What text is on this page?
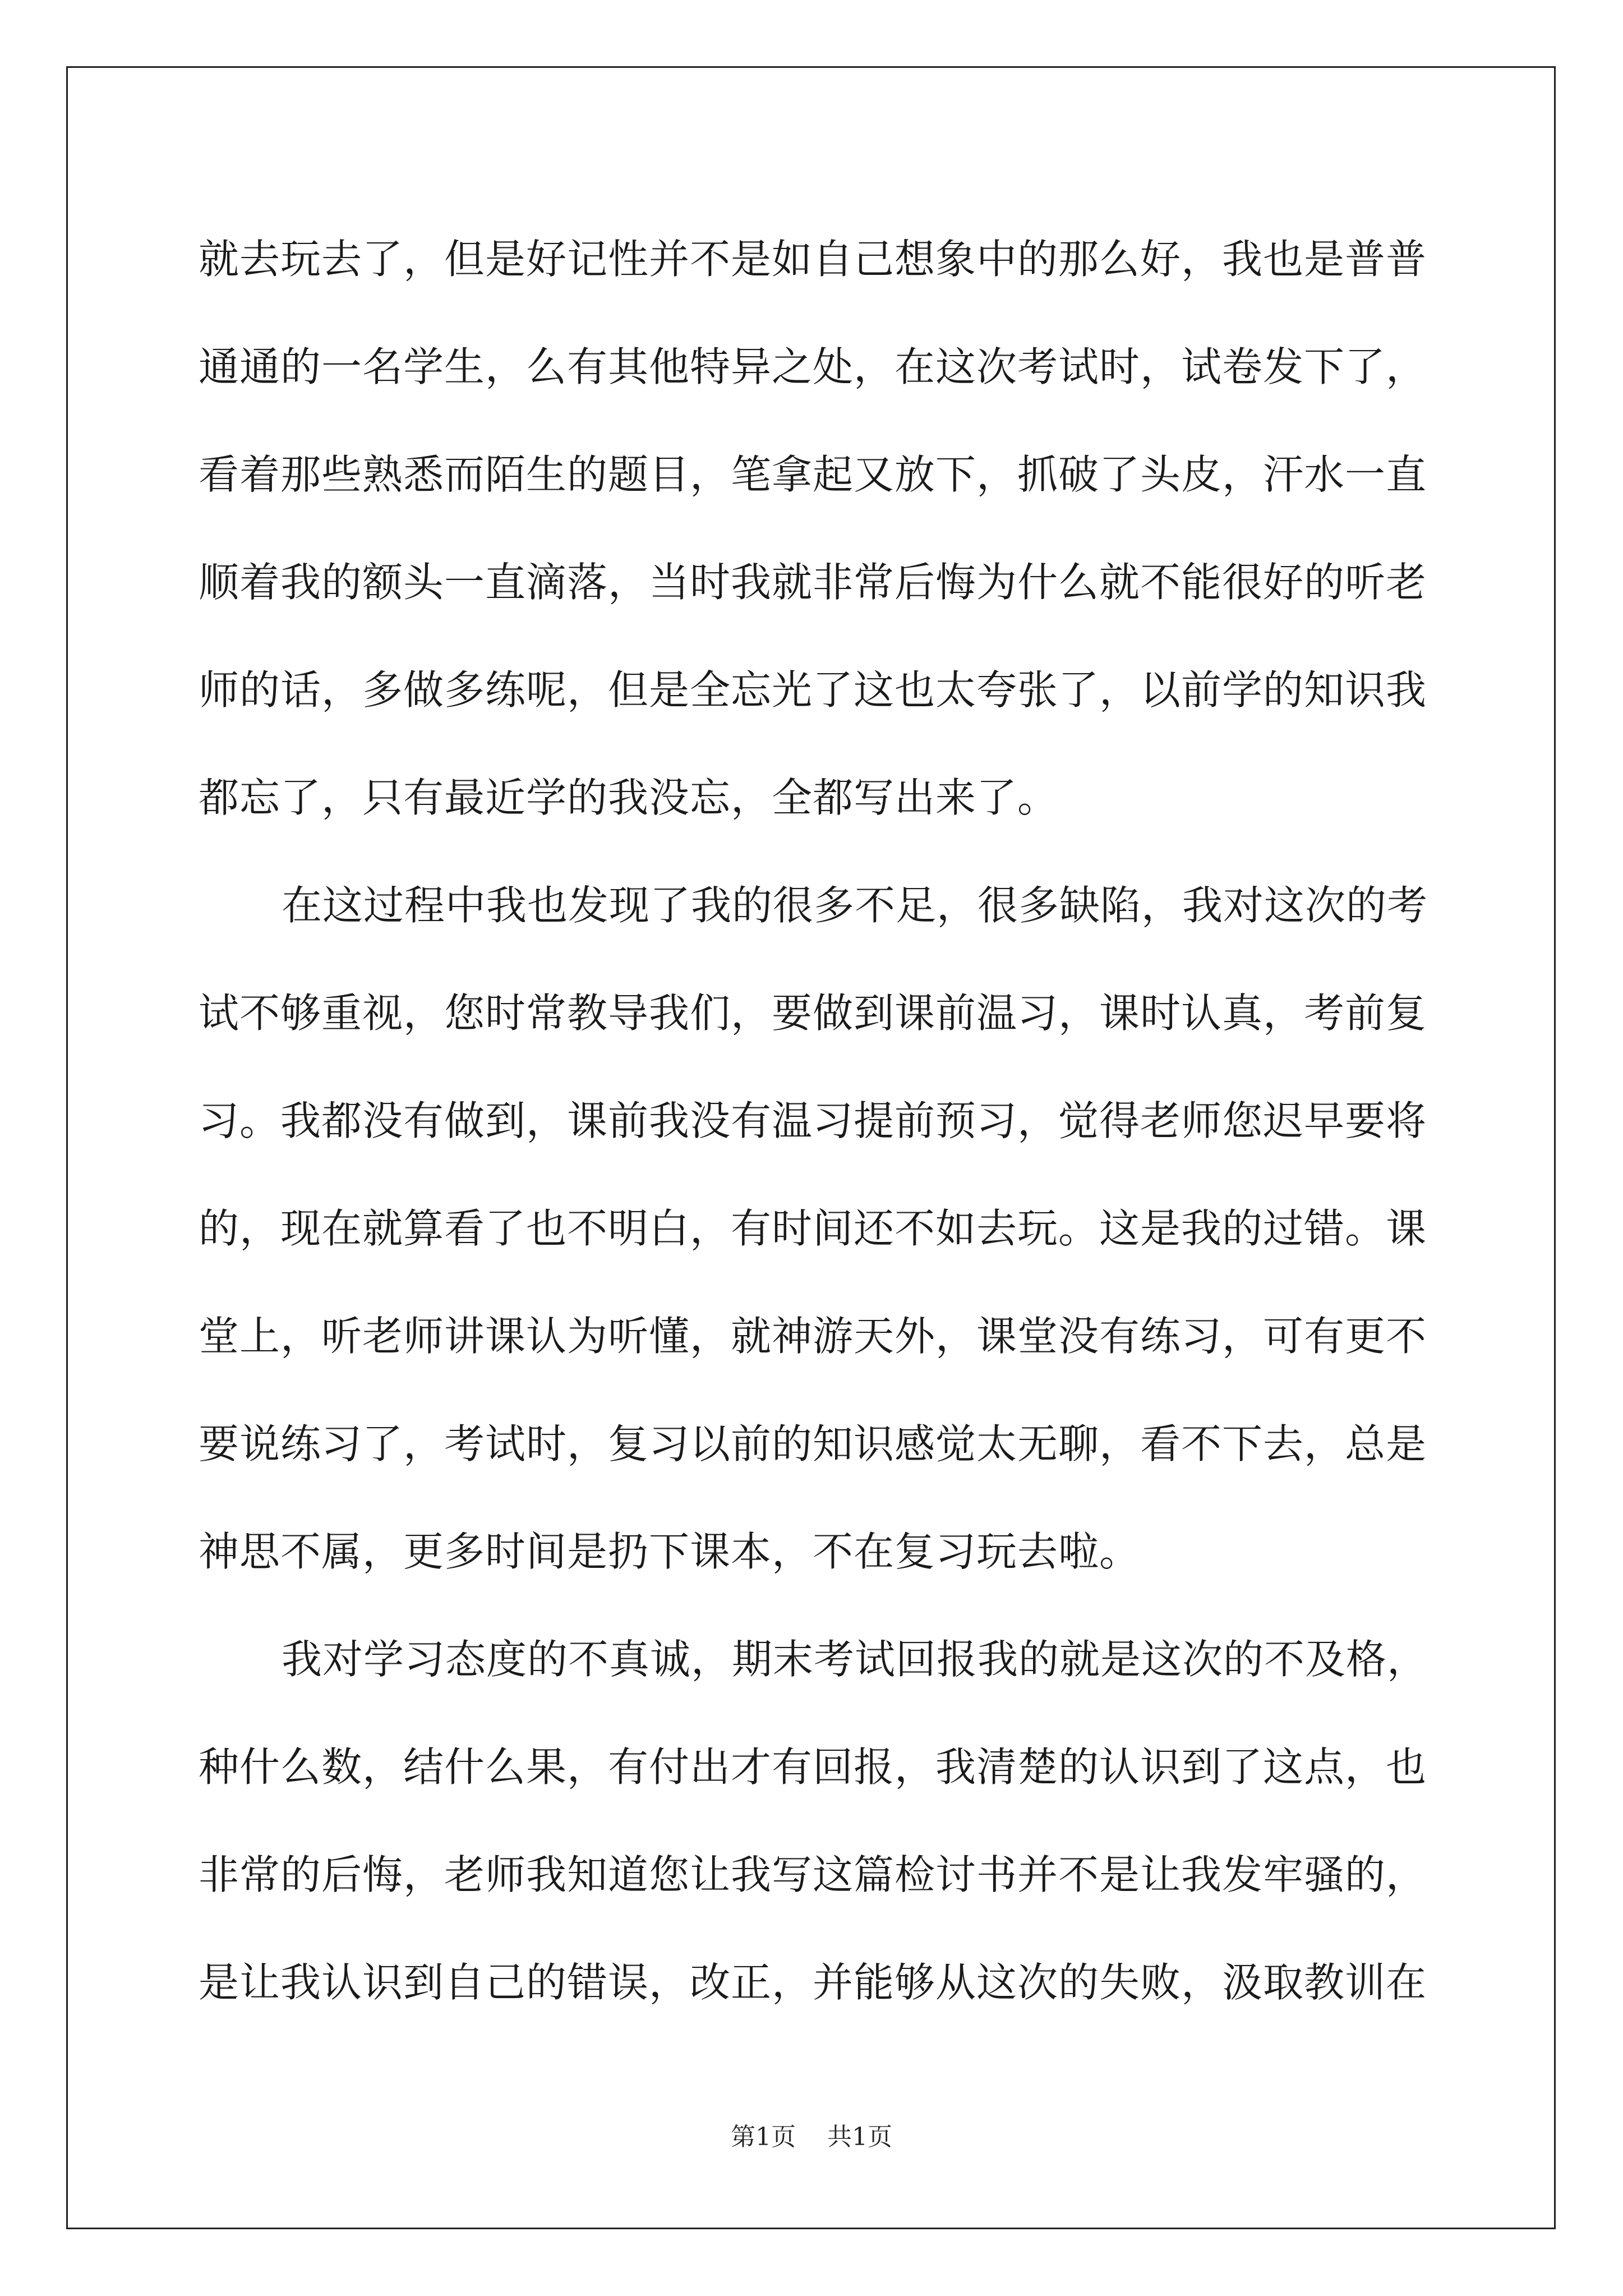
就去玩去了，但是好记性并不是如自己想象中的那么好，我也是普普
通通的一名学生，么有其他特异之处，在这次考试时，试卷发下了，
看着那些熟悉而陌生的题目，笔拿起又放下，抓破了头皮，汗水一直
顺着我的额头一直滴落，当时我就非常后悔为什么就不能很好的听老
师的话，多做多练呢，但是全忘光了这也太夸张了，以前学的知识我
都忘了，只有最近学的我没忘，全都写出来了。
在这过程中我也发现了我的很多不足，很多缺陷，我对这次的考
试不够重视，您时常教导我们，要做到课前温习，课时认真，考前复
习。我都没有做到，课前我没有温习提前预习，觉得老师您迟早要将
的，现在就算看了也不明白，有时间还不如去玩。这是我的过错。课
堂上，听老师讲课认为听懂，就神游天外，课堂没有练习，可有更不
要说练习了，考试时，复习以前的知识感觉太无聊，看不下去，总是
神思不属，更多时间是扔下课本，不在复习玩去啦。
我对学习态度的不真诚，期末考试回报我的就是这次的不及格，
种什么数，结什么果，有付出才有回报，我清楚的认识到了这点，也
非常的后悔，老师我知道您让我写这篇检讨书并不是让我发牢骚的，
是让我认识到自己的错误，改正，并能够从这次的失败，汲取教训在
第1页 共1页
